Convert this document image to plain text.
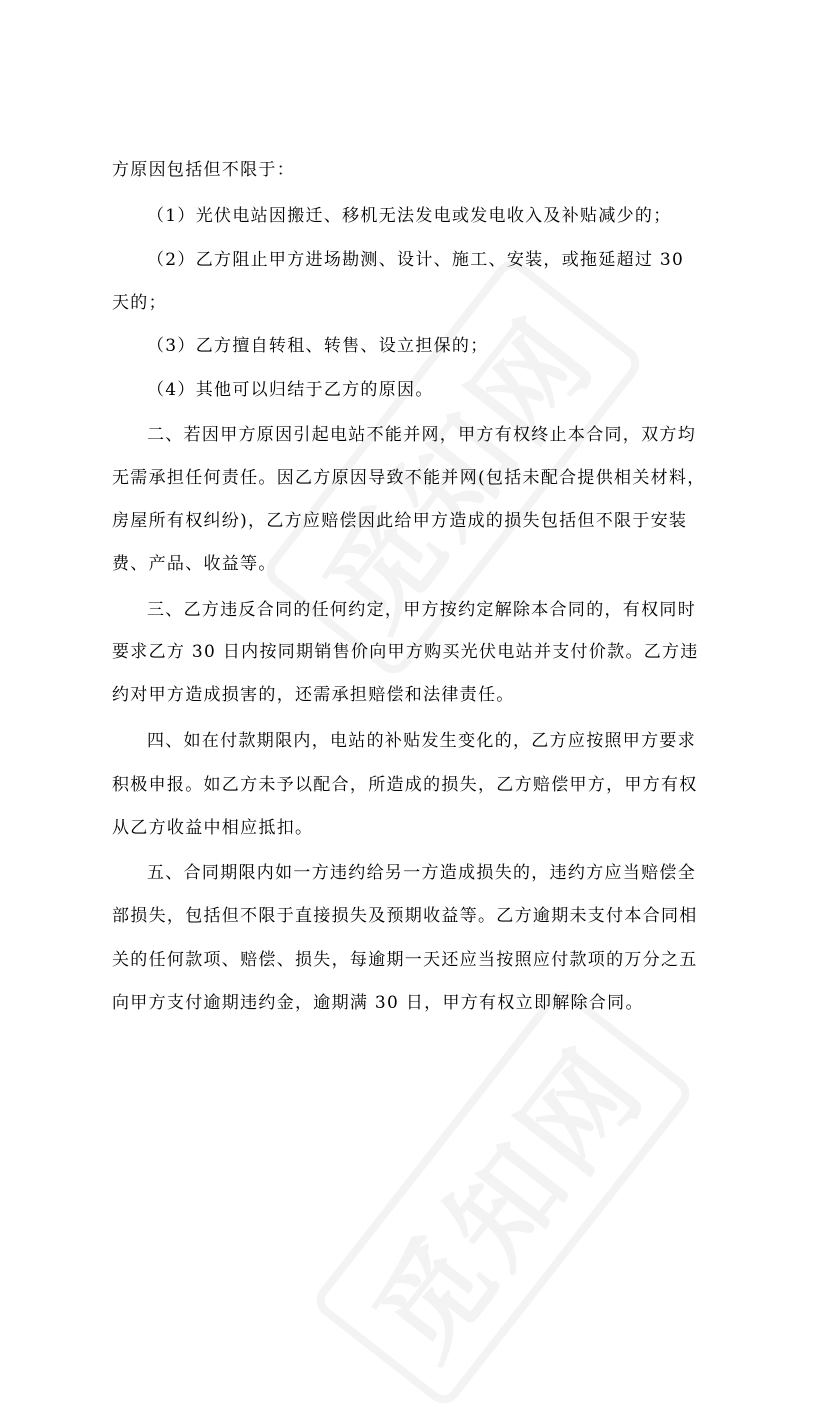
方原因包括但不限于：
（1）光伏电站因搬迁、移机无法发电或发电收入及补贴减少的；
（2）乙方阻止甲方进场勘测、设计、施工、安装，或拖延超过 30
天的；
（3）乙方擅自转租、转售、设立担保的；
（4）其他可以归结于乙方的原因。
二、若因甲方原因引起电站不能并网，甲方有权终止本合同，双方均
无需承担任何责任。因乙方原因导致不能并网(包括未配合提供相关材料，
房屋所有权纠纷)，乙方应赔偿因此给甲方造成的损失包括但不限于安装
费、产品、收益等。
三、乙方违反合同的任何约定，甲方按约定解除本合同的，有权同时
要求乙方 30 日内按同期销售价向甲方购买光伏电站并支付价款。乙方违
约对甲方造成损害的，还需承担赔偿和法律责任。
四、如在付款期限内，电站的补贴发生变化的，乙方应按照甲方要求
积极申报。如乙方未予以配合，所造成的损失，乙方赔偿甲方，甲方有权
从乙方收益中相应抵扣。
五、合同期限内如一方违约给另一方造成损失的，违约方应当赔偿全
部损失，包括但不限于直接损失及预期收益等。乙方逾期未支付本合同相
关的任何款项、赔偿、损失，每逾期一天还应当按照应付款项的万分之五
向甲方支付逾期违约金，逾期满 30 日，甲方有权立即解除合同。
